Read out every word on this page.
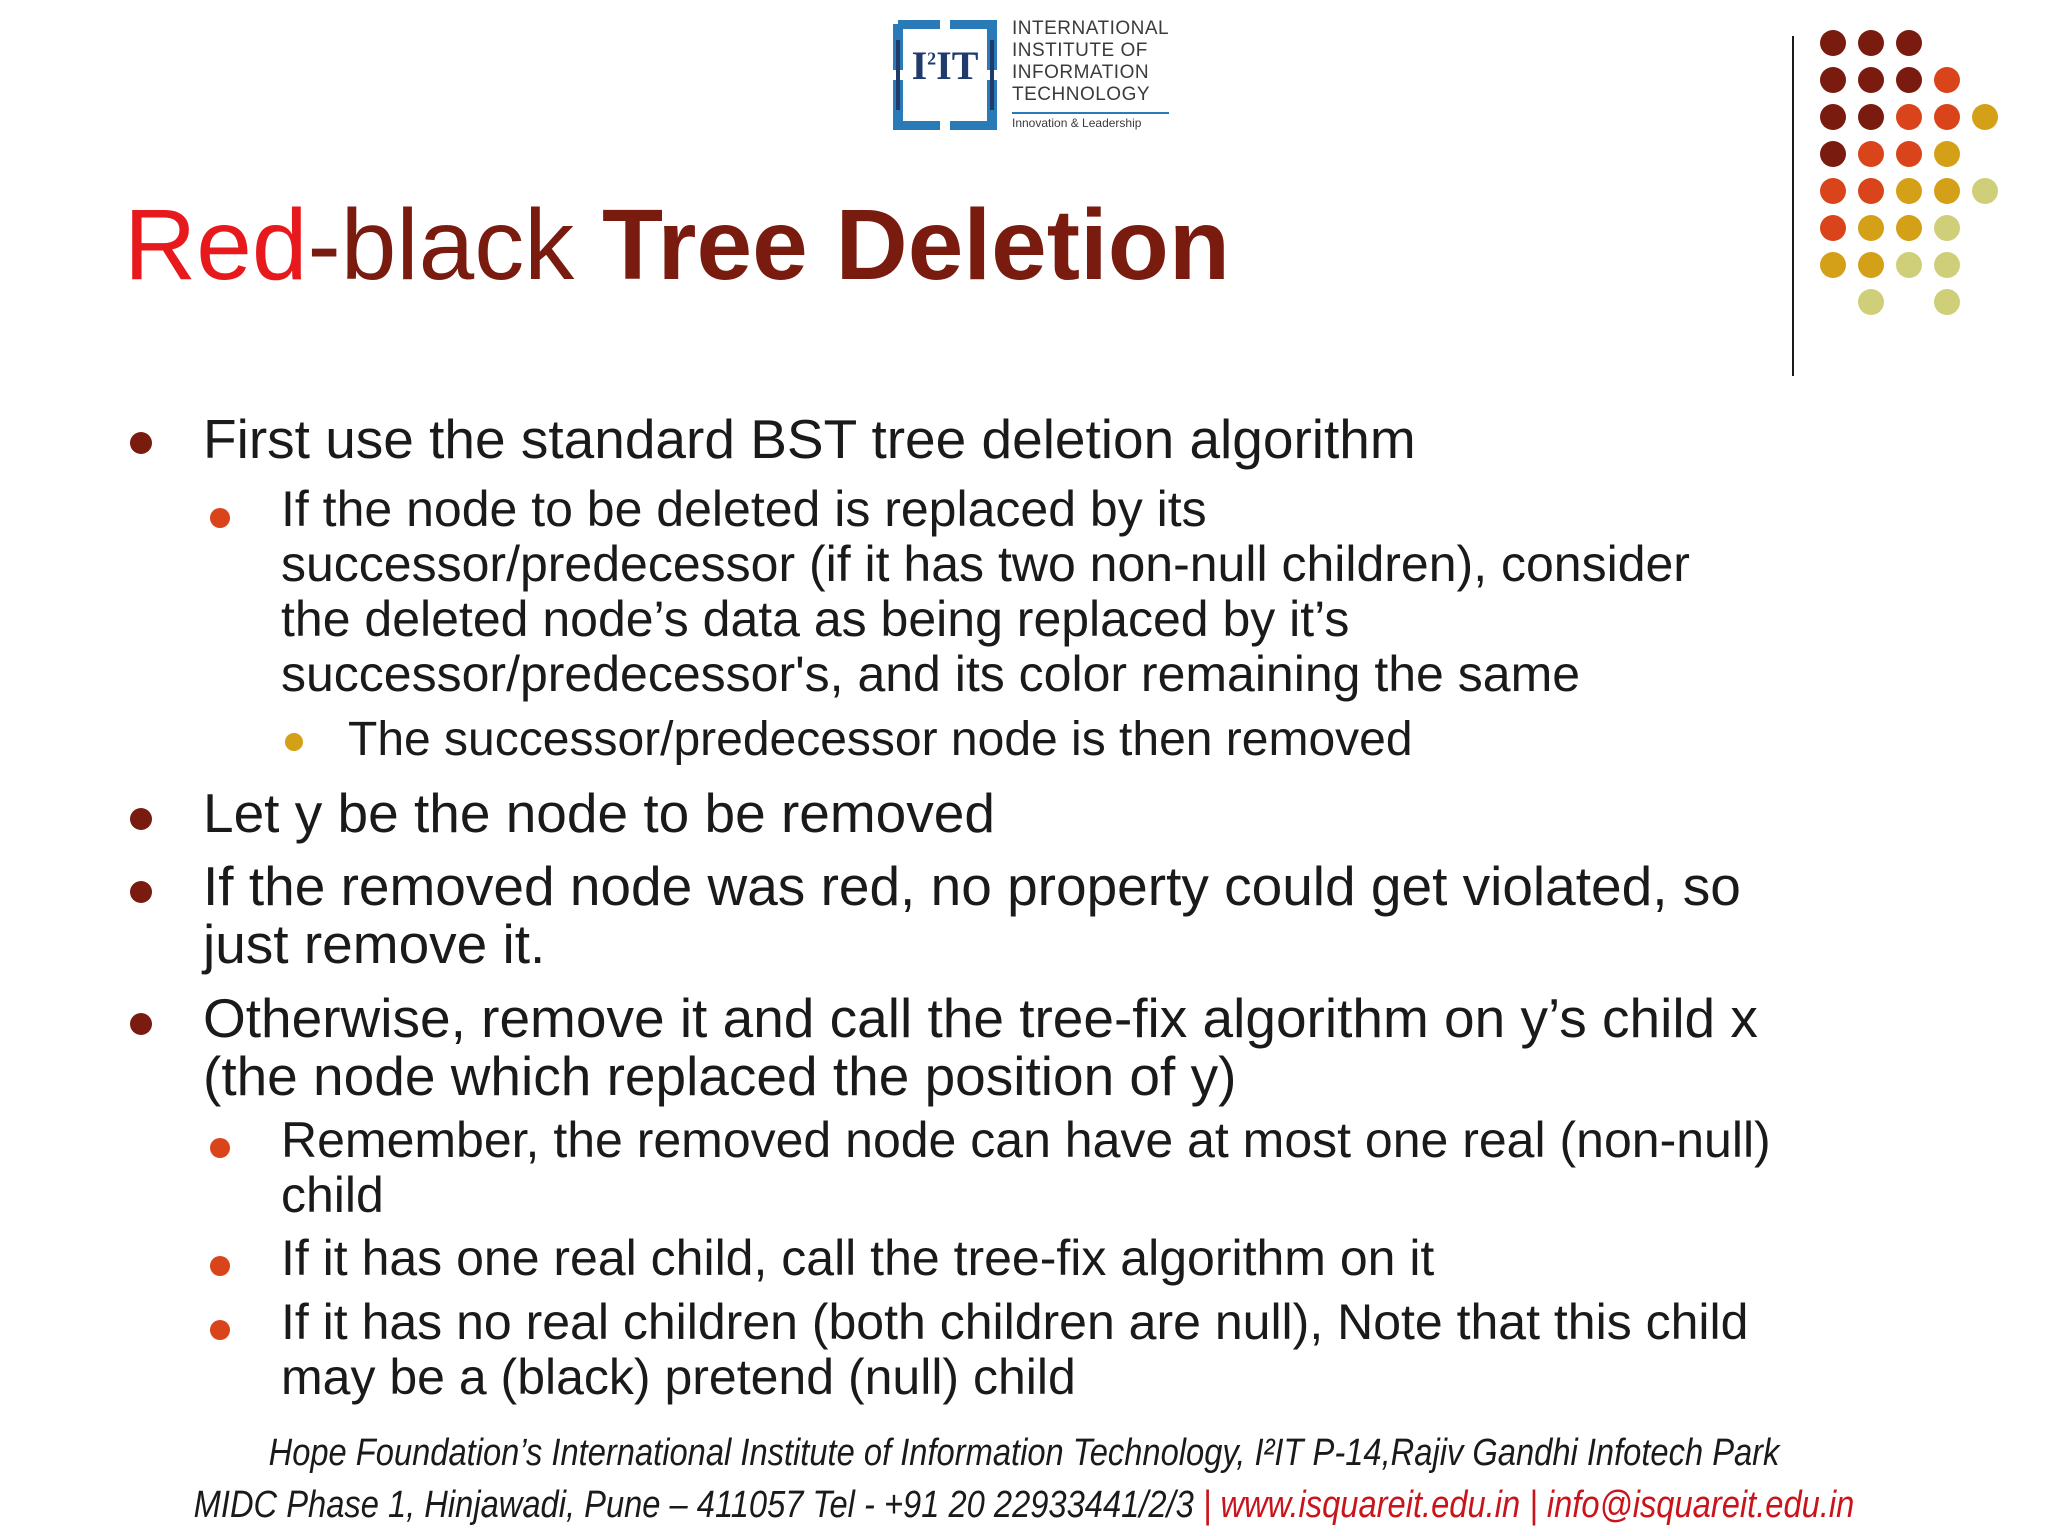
$I^2IT$
INTERNATIONAL
INSTITUTE OF
INFORMATION
TECHNOLOGY
Innovation & Leadership
Red-black Tree Deletion
First use the standard BST tree deletion algorithm
If the node to be deleted is replaced by its
successor/predecessor (if it has two non-null children), consider
the deleted node’s data as being replaced by it’s
successor/predecessor's, and its color remaining the same
The successor/predecessor node is then removed
Let y be the node to be removed
If the removed node was red, no property could get violated, so
just remove it.
Otherwise, remove it and call the tree-fix algorithm on y’s child x
(the node which replaced the position of y)
Remember, the removed node can have at most one real (non-null)
child
If it has one real child, call the tree-fix algorithm on it
If it has no real children (both children are null), Note that this child
may be a (black) pretend (null) child
Hope Foundation’s International Institute of Information Technology, I²IT P-14,Rajiv Gandhi Infotech Park
MIDC Phase 1, Hinjawadi, Pune – 411057 Tel - +91 20 22933441/2/3 | www.isquareit.edu.in | info@isquareit.edu.in
